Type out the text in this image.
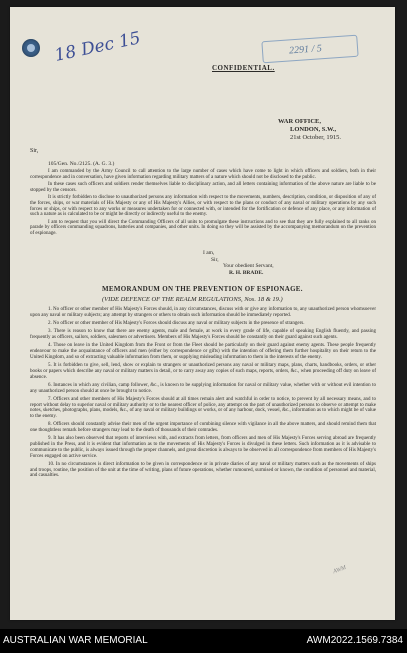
18 Dec 15	2291 / 5
CONFIDENTIAL.
WAR OFFICE,
LONDON, S.W.,
21st October, 1915.
Sir,
105/Gen. No./2125. (A. G. 3.)

I am commanded by the Army Council to call attention to the large number of cases which have come to light in which officers and soldiers, both in their correspondence and in conversation, have given information regarding military matters of a nature which should not be disclosed to the public.

In these cases such officers and soldiers render themselves liable to disciplinary action, and all letters containing information of the above nature are liable to be stopped by the censors.

It is strictly forbidden to disclose to unauthorized persons any information with respect to the movements, numbers, description, condition, or disposition of any of the forces, ships, or war materials of His Majesty or any of His Majesty's Allies, or with respect to the plans or conduct of any naval or military operations by any such forces or ships, or with respect to any works or measures undertaken for or connected with, or intended for the fortification or defence of any place, or any information of such a nature as is calculated to be or might be directly or indirectly useful to the enemy.

I am to request that you will direct the Commanding Officers of all units to promulgate these instructions and to see that they are fully explained to all ranks on parade by officers commanding squadrons, batteries and companies, and other units. In doing so they will be assisted by the accompanying memorandum on the prevention of espionage.

I am,
Sir,
Your obedient Servant,
R. H. BRADE.
MEMORANDUM ON THE PREVENTION OF ESPIONAGE.
(VIDE DEFENCE OF THE REALM REGULATIONS, Nos. 18 & 19.)

1. No officer or other member of His Majesty's Forces should, in any circumstances, discuss with or give any information to, any unauthorized person whomsoever upon any naval or military subjects; any attempt by strangers or others to obtain such information should be immediately reported.

2. No officer or other member of His Majesty's Forces should discuss any naval or military subjects in the presence of strangers.

3. There is reason to know that there are enemy agents, male and female, at work in every grade of life, capable of speaking English fluently, and passing frequently as officers, sailors, soldiers, salesmen or advertisers. Members of His Majesty's Forces should be constantly on their guard against such agents.

4. Those on leave in the United Kingdom from the Front or from the Fleet should be particularly on their guard against enemy agents. These people frequently endeavour to make the acquaintance of officers and men (either by correspondence or gifts) with the intention of offering them further hospitality on their return to the United Kingdom, and so of extracting valuable information from them, or supplying misleading information to them in the interests of the enemy.

5. It is forbidden to give, sell, lend, show or explain to strangers or unauthorized persons any naval or military maps, plans, charts, handbooks, orders, or other books or papers which describe any naval or military matters in detail, or to carry away any copies of such maps, reports, orders, &c., when proceeding off duty on leave of absence.

6. Instances in which any civilian, camp follower, &c., is known to be supplying information for naval or military value, whether with or without evil intention to any unauthorized person should at once be brought to notice.

7. Officers and other members of His Majesty's Forces should at all times remain alert and watchful in order to notice, to prevent by all necessary means, and to report without delay to superior naval or military authority or to the nearest officer of police, any attempt on the part of unauthorized persons to observe or attempt to make notes, sketches, photographs, plans, models, &c., of any naval or military buildings or works, or of any harbour, dock, vessel, &c., information as to which might be of value to the enemy.

8. Officers should constantly advise their men of the urgent importance of combining silence with vigilance in all the above matters, and should remind them that one thoughtless remark before strangers may lead to the death of thousands of their comrades.

9. It has also been observed that reports of interviews with, and extracts from letters, from officers and men of His Majesty's Forces serving abroad are frequently published in the Press, and it is evident that information as to the movements of His Majesty's Forces is divulged in these letters. Such information as it is advisable to communicate to the public, is always issued through the proper channels, and great discretion is always to be observed in all correspondence from members of His Majesty's Forces engaged on active service.

10. In no circumstances is direct information to be given in correspondence or in private diaries of any naval or military matters such as the movements of ships and troops, routine, the position of the unit at the time of writing, plans of future operations, whether rumoured, surmised or known, the condition of personnel and material, and casualties.

AWM
AUSTRALIAN WAR MEMORIAL	AWM2022.1569.7384
